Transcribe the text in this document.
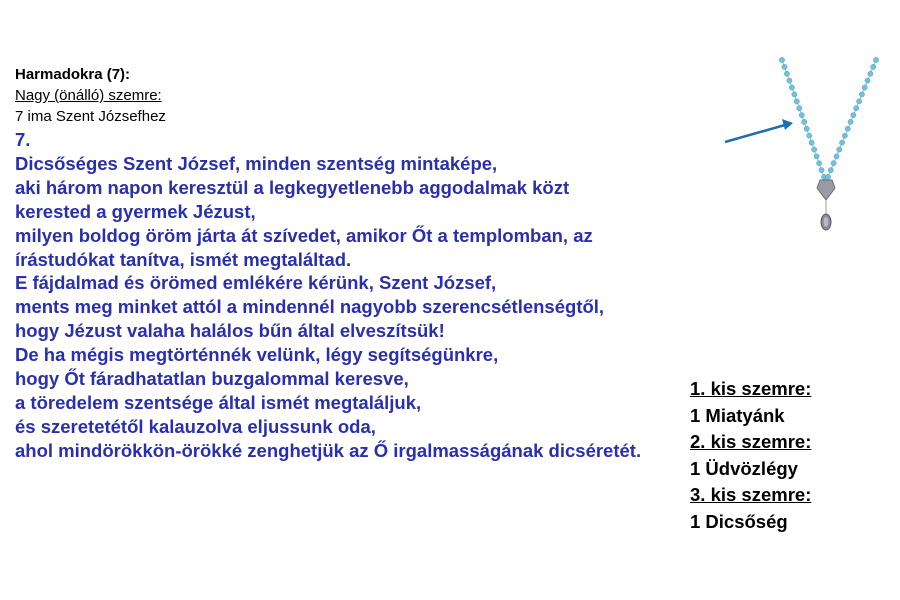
Harmadokra (7):
Nagy (önálló) szemre:
7 ima Szent Józsefhez
7.
Dicsőséges Szent József, minden szentség mintaképe,
aki három napon keresztül a legkegyetlenebb aggodalmak közt
kerested a gyermek Jézust,
milyen boldog öröm járta át szívedet, amikor Őt a templomban, az
írástudókat tanítva, ismét megtaláltad.
E fájdalmad és örömed emlékére kérünk, Szent József,
ments meg minket attól a mindennél nagyobb szerencsétlenségtől,
hogy Jézust valaha halálos bűn által elveszítsük!
De ha mégis megtörténnék velünk, légy segítségünkre,
hogy Őt fáradhatatlan buzgalommal keresve,
a töredelem szentsége által ismét megtaláljuk,
és szeretetétől kalauzolva eljussunk oda,
ahol mindörökkön-örökké zenghetjük az Ő irgalmasságának dicséretét.
1. kis szemre:
1 Miatyánk
2. kis szemre:
1 Üdvözlégy
3. kis szemre:
1 Dicsőség
